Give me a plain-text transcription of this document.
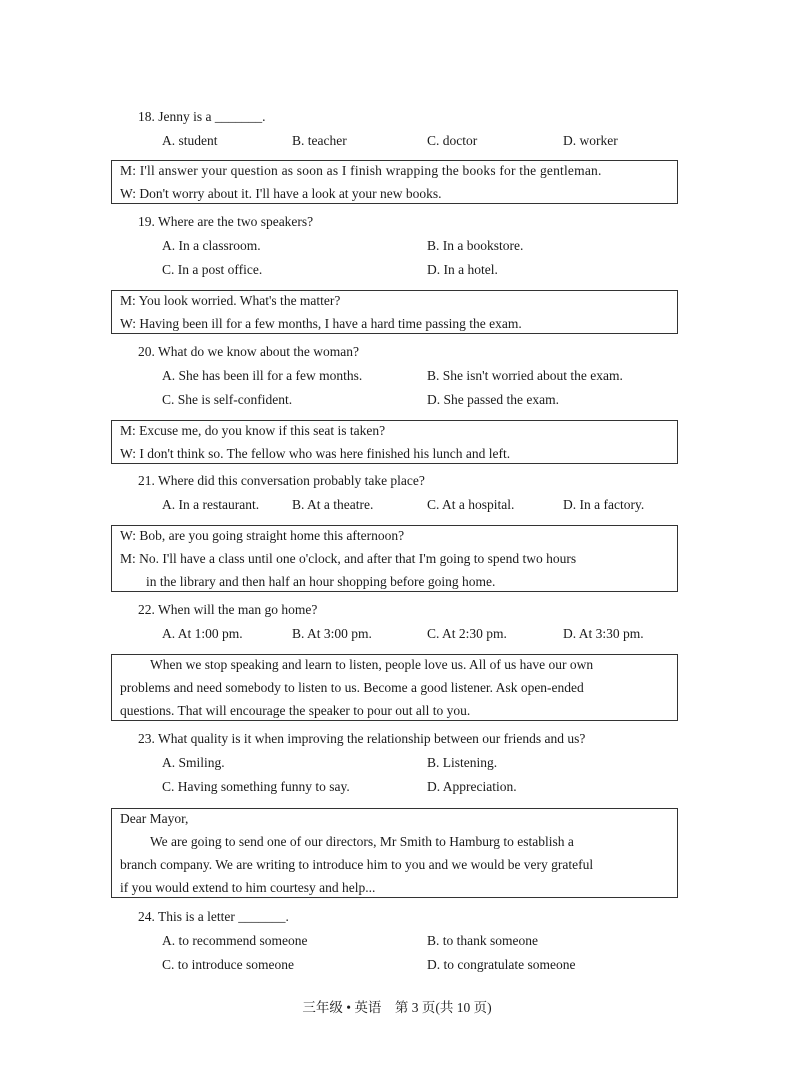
18. Jenny is a _______.
A. student	B. teacher	C. doctor	D. worker
M: I'll answer your question as soon as I finish wrapping the books for the gentleman.
W: Don't worry about it. I'll have a look at your new books.
19. Where are the two speakers?
A. In a classroom.	B. In a bookstore.
C. In a post office.	D. In a hotel.
M: You look worried. What's the matter?
W: Having been ill for a few months, I have a hard time passing the exam.
20. What do we know about the woman?
A. She has been ill for a few months.	B. She isn't worried about the exam.
C. She is self-confident.	D. She passed the exam.
M: Excuse me, do you know if this seat is taken?
W: I don't think so. The fellow who was here finished his lunch and left.
21. Where did this conversation probably take place?
A. In a restaurant. B. At a theatre.	C. At a hospital.	D. In a factory.
W: Bob, are you going straight home this afternoon?
M: No. I'll have a class until one o'clock, and after that I'm going to spend two hours
in the library and then half an hour shopping before going home.
22. When will the man go home?
A. At 1:00 pm.	B. At 3:00 pm.	C. At 2:30 pm.	D. At 3:30 pm.
When we stop speaking and learn to listen, people love us. All of us have our own
problems and need somebody to listen to us. Become a good listener. Ask open-ended
questions. That will encourage the speaker to pour out all to you.
23. What quality is it when improving the relationship between our friends and us?
A. Smiling.	B. Listening.
C. Having something funny to say.	D. Appreciation.
Dear Mayor,
We are going to send one of our directors, Mr Smith to Hamburg to establish a
branch company. We are writing to introduce him to you and we would be very grateful
if you would extend to him courtesy and help...
24. This is a letter _______.
A. to recommend someone	B. to thank someone
C. to introduce someone	D. to congratulate someone
三年级 • 英语　第 3 页(共 10 页)
